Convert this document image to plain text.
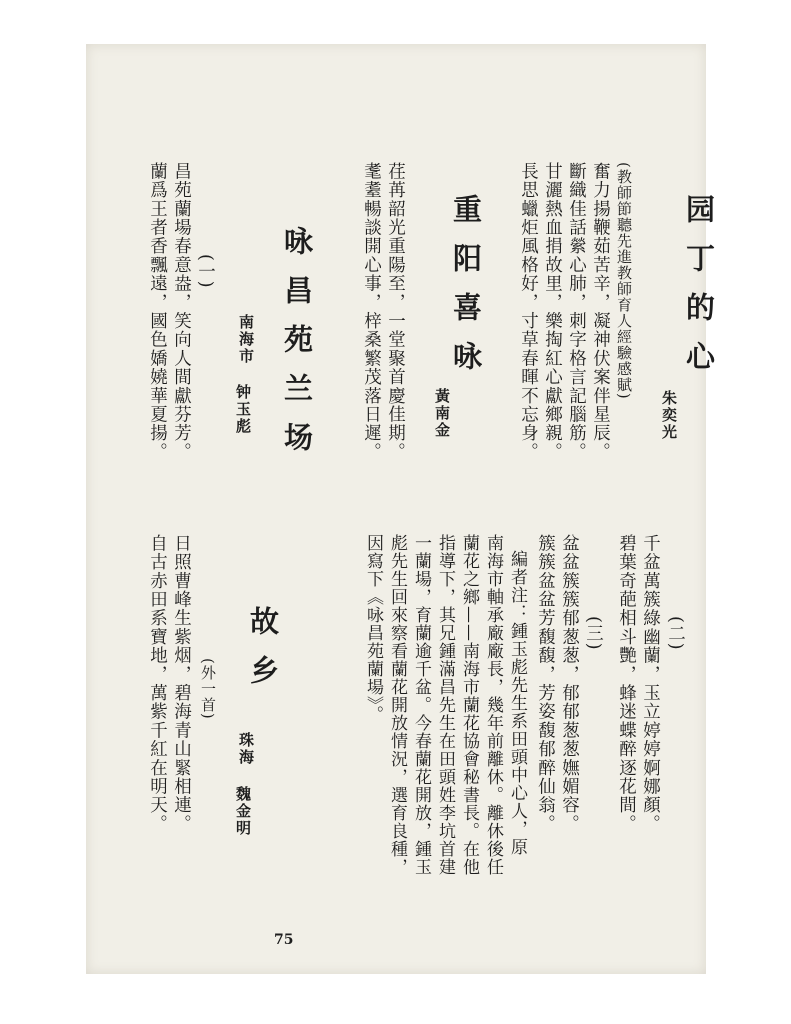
园丁的心
朱奕光
(教師節聽先進教師育人經驗感賦)
奮力揚鞭茹苦辛，凝神伏案伴星辰。
斷織佳話縈心肺，刺字格言記腦筋。
甘灑熱血捐故里，樂掏紅心獻鄉親。
長思蠟炬風格好，寸草春暉不忘身。
重阳喜咏
黃南金
荏苒韶光重陽至，一堂聚首慶佳期。
耄耋暢談開心事，梓桑繁茂落日遲。
咏昌苑兰场
南海市
钟玉彪
(一)
昌苑蘭場春意盎，笑向人間獻芬芳。
蘭爲王者香飄遠，國色嬌嬈華夏揚。
(二)
千盆萬簇綠幽蘭，玉立婷婷婀娜顏。
碧葉奇葩相斗艷，蜂迷蝶醉逐花間。
(三)
盆盆簇簇郁葱葱，郁郁葱葱嫵媚容。
簇簇盆盆芳馥馥，芳姿馥郁醉仙翁。
編者注：鍾玉彪先生系田頭中心人，原
南海市軸承廠廠長，幾年前離休。離休後任
蘭花之鄉——南海市蘭花協會秘書長。在他
指導下，其兄鍾滿昌先生在田頭姓李坑首建
一蘭場，育蘭逾千盆。今春蘭花開放，鍾玉
彪先生回來察看蘭花開放情況，選育良種，
因寫下《咏昌苑蘭場》。
故乡
珠海
魏金明
(外一首)
日照曹峰生紫烟，碧海青山緊相連。
自古赤田系寶地，萬紫千紅在明天。
75
